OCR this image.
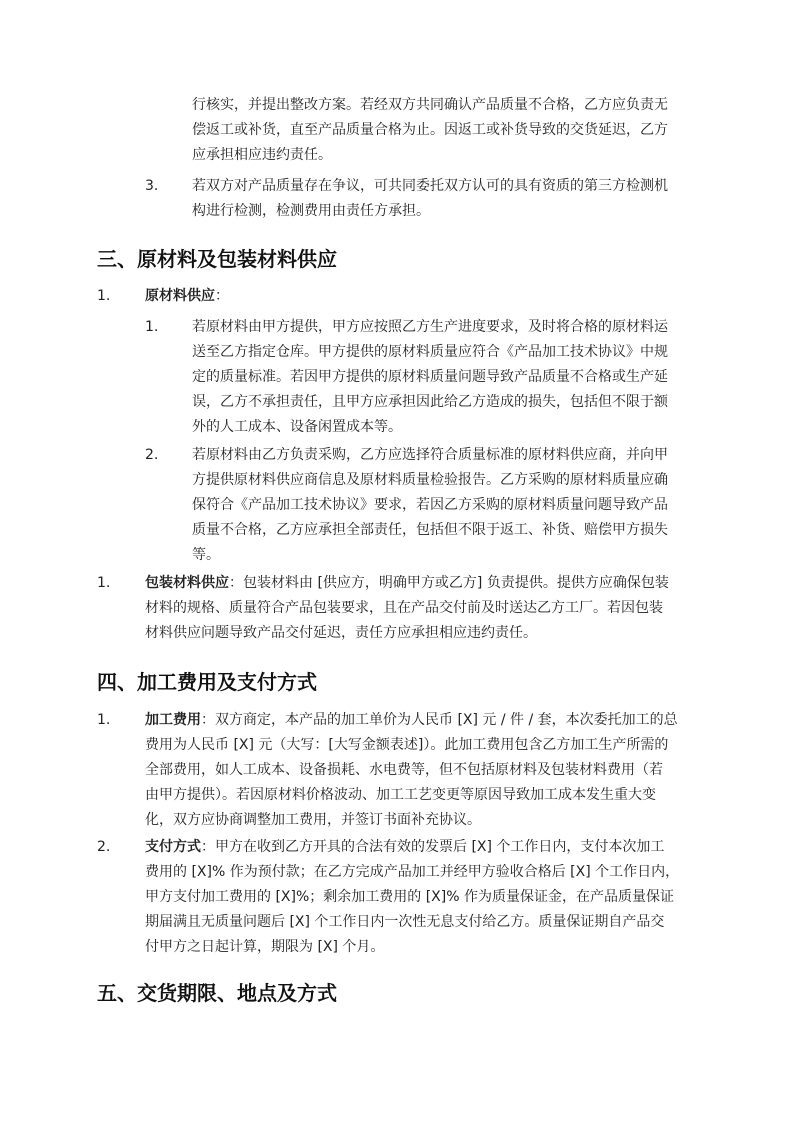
行核实，并提出整改方案。若经双方共同确认产品质量不合格，乙方应负责无
偿返工或补货，直至产品质量合格为止。因返工或补货导致的交货延迟，乙方
应承担相应违约责任。
3. 若双方对产品质量存在争议，可共同委托双方认可的具有资质的第三方检测机
构进行检测，检测费用由责任方承担。
三、原材料及包装材料供应
1. 原材料供应：
1. 若原材料由甲方提供，甲方应按照乙方生产进度要求，及时将合格的原材料运
送至乙方指定仓库。甲方提供的原材料质量应符合《产品加工技术协议》中规
定的质量标准。若因甲方提供的原材料质量问题导致产品质量不合格或生产延
误，乙方不承担责任，且甲方应承担因此给乙方造成的损失，包括但不限于额
外的人工成本、设备闲置成本等。
2. 若原材料由乙方负责采购，乙方应选择符合质量标准的原材料供应商，并向甲
方提供原材料供应商信息及原材料质量检验报告。乙方采购的原材料质量应确
保符合《产品加工技术协议》要求，若因乙方采购的原材料质量问题导致产品
质量不合格，乙方应承担全部责任，包括但不限于返工、补货、赔偿甲方损失
等。
1. 包装材料供应：包装材料由 [供应方，明确甲方或乙方] 负责提供。提供方应确保包装
材料的规格、质量符合产品包装要求，且在产品交付前及时送达乙方工厂。若因包装
材料供应问题导致产品交付延迟，责任方应承担相应违约责任。
四、加工费用及支付方式
1. 加工费用：双方商定，本产品的加工单价为人民币 [X] 元 / 件 / 套，本次委托加工的总
费用为人民币 [X] 元（大写：[大写金额表述]）。此加工费用包含乙方加工生产所需的
全部费用，如人工成本、设备损耗、水电费等，但不包括原材料及包装材料费用（若
由甲方提供）。若因原材料价格波动、加工工艺变更等原因导致加工成本发生重大变
化，双方应协商调整加工费用，并签订书面补充协议。
2. 支付方式：甲方在收到乙方开具的合法有效的发票后 [X] 个工作日内，支付本次加工
费用的 [X]% 作为预付款；在乙方完成产品加工并经甲方验收合格后 [X] 个工作日内，
甲方支付加工费用的 [X]%；剩余加工费用的 [X]% 作为质量保证金，在产品质量保证
期届满且无质量问题后 [X] 个工作日内一次性无息支付给乙方。质量保证期自产品交
付甲方之日起计算，期限为 [X] 个月。
五、交货期限、地点及方式
